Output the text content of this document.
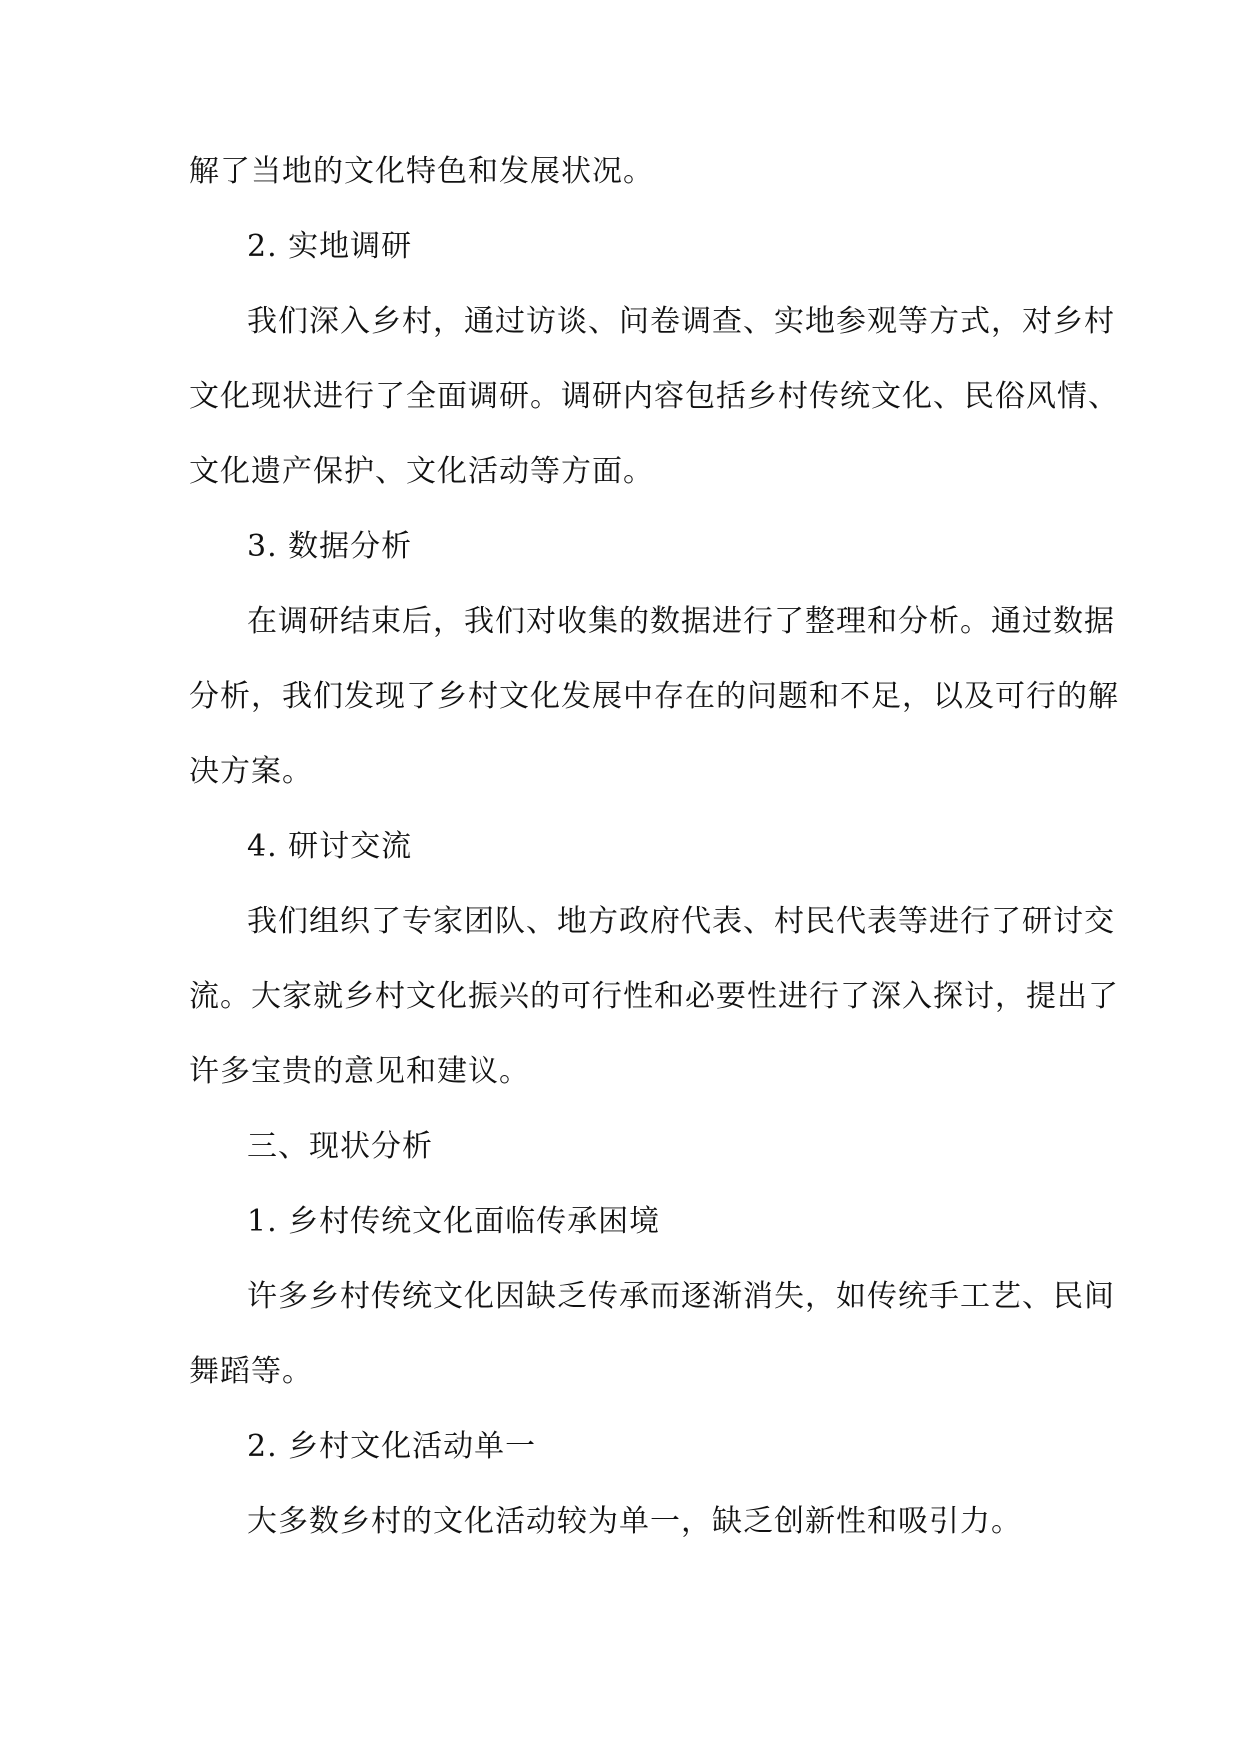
解了当地的文化特色和发展状况。
2. 实地调研
我们深入乡村，通过访谈、问卷调查、实地参观等方式，对乡村
文化现状进行了全面调研。调研内容包括乡村传统文化、民俗风情、
文化遗产保护、文化活动等方面。
3. 数据分析
在调研结束后，我们对收集的数据进行了整理和分析。通过数据
分析，我们发现了乡村文化发展中存在的问题和不足，以及可行的解
决方案。
4. 研讨交流
我们组织了专家团队、地方政府代表、村民代表等进行了研讨交
流。大家就乡村文化振兴的可行性和必要性进行了深入探讨，提出了
许多宝贵的意见和建议。
三、现状分析
1. 乡村传统文化面临传承困境
许多乡村传统文化因缺乏传承而逐渐消失，如传统手工艺、民间
舞蹈等。
2. 乡村文化活动单一
大多数乡村的文化活动较为单一，缺乏创新性和吸引力。
